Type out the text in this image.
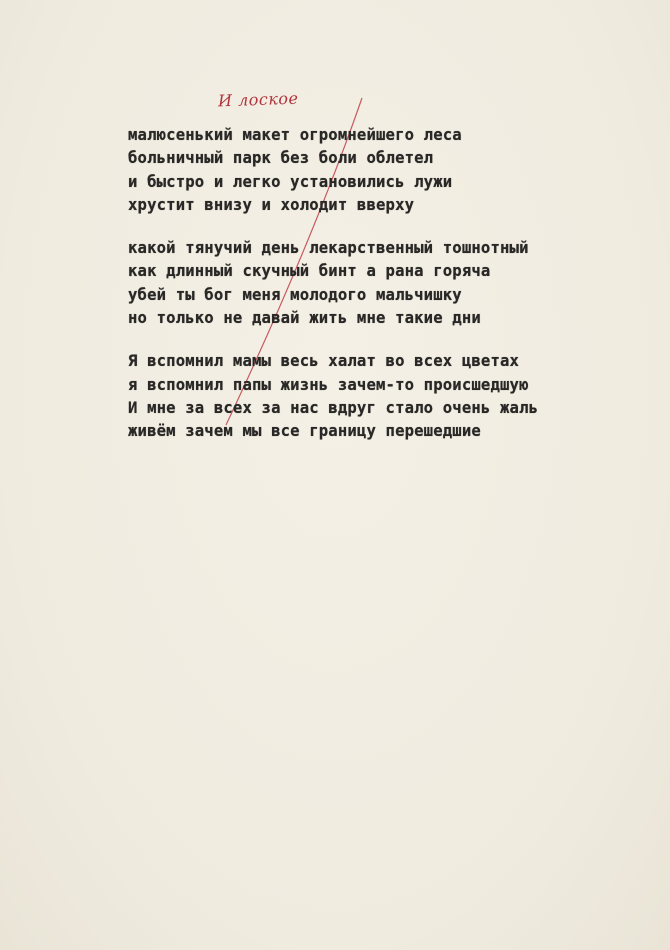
И лоское
малюсенький макет огромнейшего леса
больничный парк без боли облетел
и быстро и легко установились лужи
хрустит внизу и холодит вверху
какой тянучий день лекарственный тошнотный
как длинный скучный бинт а рана горяча
убей ты бог меня молодого мальчишку
но только не давай жить мне такие дни
Я вспомнил мамы весь халат во всех цветах
я вспомнил папы жизнь зачем-то происшедшую
И мне за всех за нас вдруг стало очень жаль
живём зачем мы все границу перешедшие
